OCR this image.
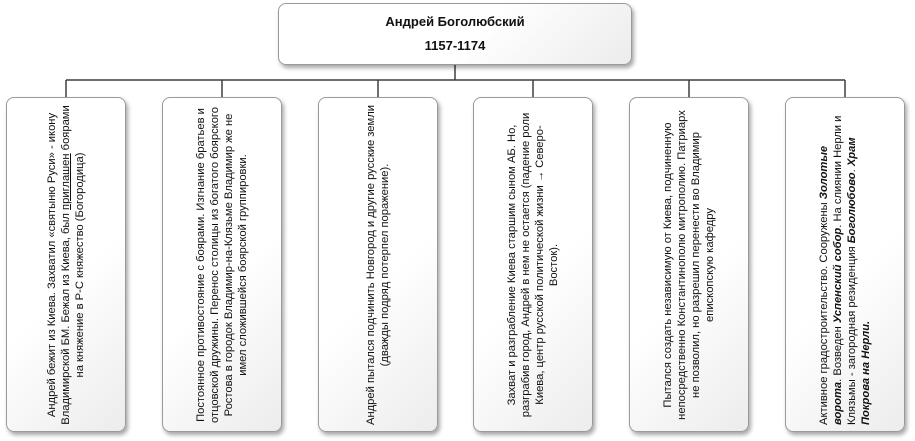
Андрей Боголюбский
1157-1174
Андрей бежит из Киева. Захватил «святыню Руси» - икону Владимирской БМ. Бежал из Киева, был приглашен боярами на княжение в Р-С княжество (Богородица)	Постоянное противостояние с боярами. Изгнание братьев и отцовской дружины. Перенос столицы из богатого боярского Ростова в городок Владимир-на-Клязьме Владимир же не имел сложившейся боярской группировки.	Андрей пытался подчинить Новгород и другие русские земли (дважды подряд потерпел поражение).	Захват и разграбление Киева старшим сыном АБ. Но, разграбив город, Андрей в нем не остается (падение роли Киева, центр русской политической жизни → Северо-Восток).	Пытался создать независимую от Киева, подчиненную непосредственно Константинополю митрополию. Патриарх не позволил, но разрешил перенести во Владимир епископскую кафедру	Активное градостроительство. Сооружены Золотые ворота. Возведен Успенский собор. На слиянии Нерли и Клязьмы - загородная резиденция Боголюбово. Храм Покрова на Нерли.
